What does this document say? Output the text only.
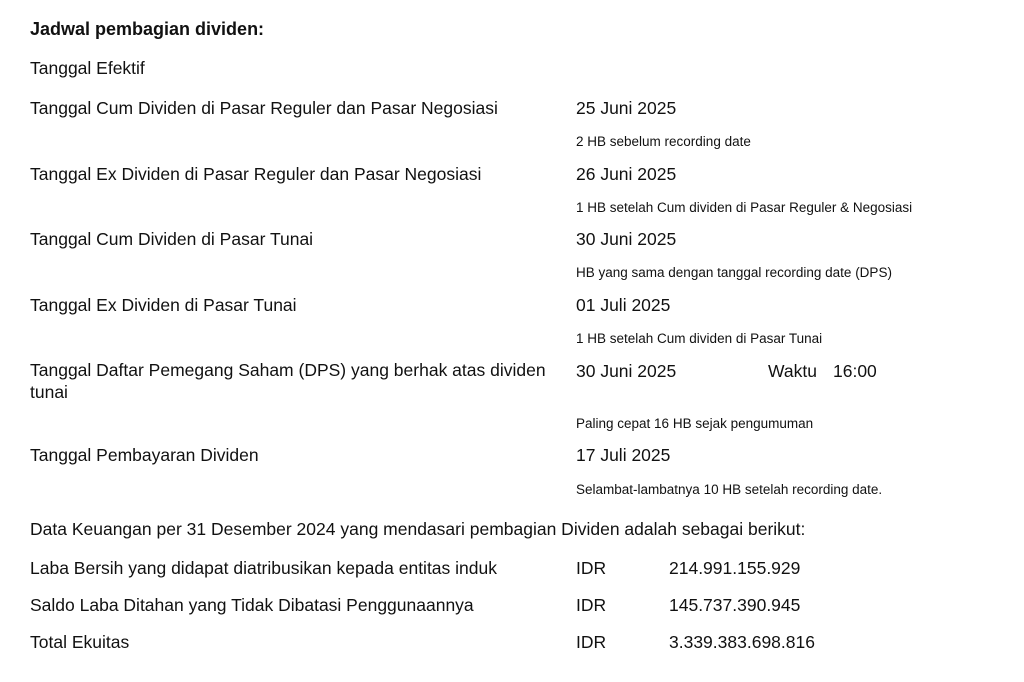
Jadwal pembagian dividen:
Tanggal Efektif
Tanggal Cum Dividen di Pasar Reguler dan Pasar Negosiasi	25 Juni 2025
2 HB sebelum recording date
Tanggal Ex Dividen di Pasar Reguler dan Pasar Negosiasi	26 Juni 2025
1 HB setelah Cum dividen di Pasar Reguler & Negosiasi
Tanggal Cum Dividen di Pasar Tunai	30 Juni 2025
HB yang sama dengan tanggal recording date (DPS)
Tanggal Ex Dividen di Pasar Tunai	01 Juli 2025
1 HB setelah Cum dividen di Pasar Tunai
Tanggal Daftar Pemegang Saham (DPS) yang berhak atas dividen tunai
30 Juni 2025	Waktu 16:00
Paling cepat 16 HB sejak pengumuman
Tanggal Pembayaran Dividen	17 Juli 2025
Selambat-lambatnya 10 HB setelah recording date.
Data Keuangan per 31 Desember 2024 yang mendasari pembagian Dividen adalah sebagai berikut:
Laba Bersih yang didapat diatribusikan kepada entitas induk	IDR	214.991.155.929
Saldo Laba Ditahan yang Tidak Dibatasi Penggunaannya	IDR	145.737.390.945
Total Ekuitas	IDR	3.339.383.698.816
